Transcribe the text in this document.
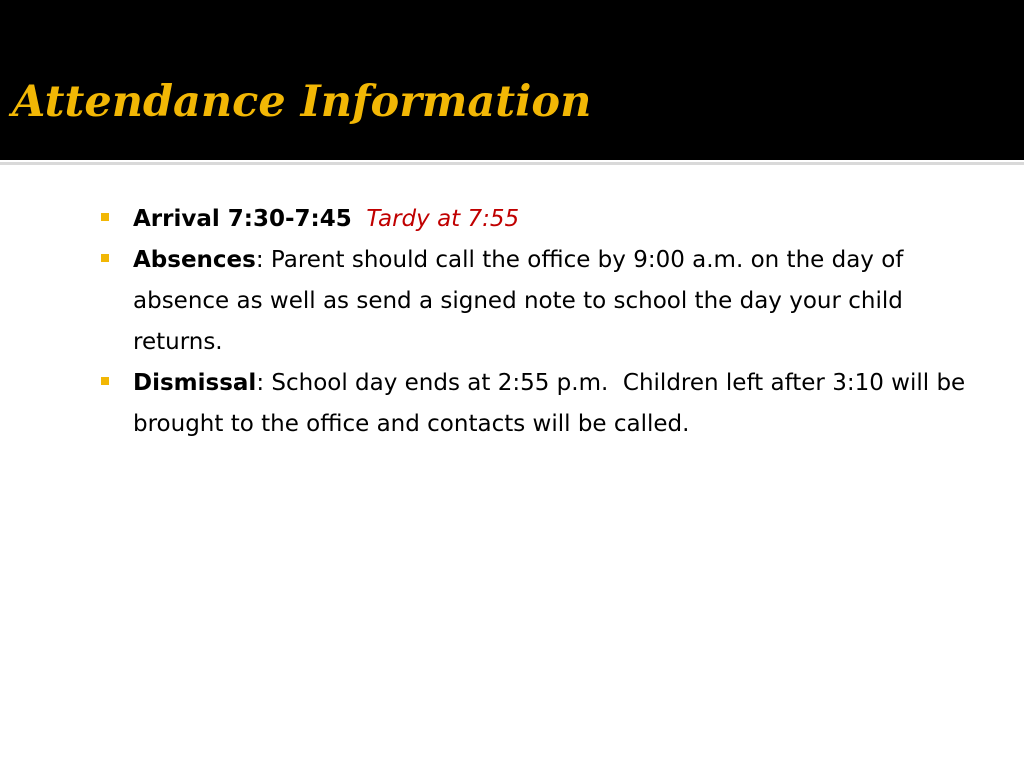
Attendance Information
Arrival 7:30-7:45 Tardy at 7:55
Absences: Parent should call the office by 9:00 a.m. on the day of absence as well as send a signed note to school the day your child returns.
Dismissal: School day ends at 2:55 p.m.  Children left after 3:10 will be brought to the office and contacts will be called.
